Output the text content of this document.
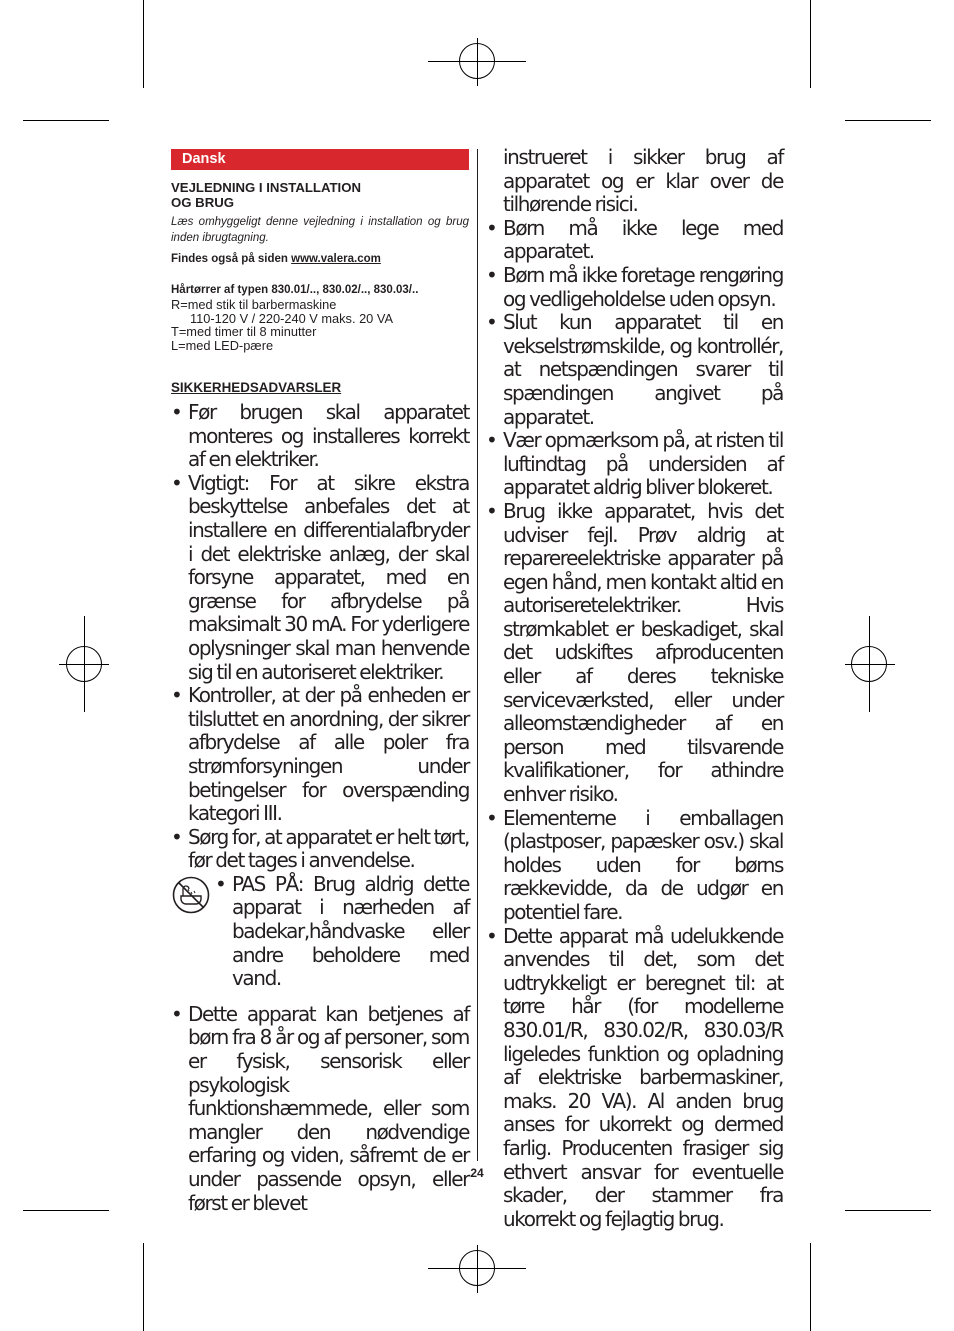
Dansk
VEJLEDNING I INSTALLATION
OG BRUG
Læs omhyggeligt denne vejledning i installation og brug inden ibrugtagning.
Findes også på siden www.valera.com
Hårtørrer af typen 830.01/.., 830.02/.., 830.03/..
R=med stik til barbermaskine
110-120 V / 220-240 V maks. 20 VA
T=med timer til 8 minutter
L=med LED-pære
SIKKERHEDSADVARSLER
• Før brugen skal apparatet monteres og installeres korrekt af en elektriker.
• Vigtigt: For at sikre ekstra beskyttelse anbefales det at installere en differentialafbryder i det elektriske anlæg, der skal forsyne apparatet, med en grænse for afbrydelse på maksimalt 30 mA. For yderligere oplysninger skal man henvende sig til en autoriseret elektriker.
• Kontroller, at der på enheden er tilsluttet en anordning, der sikrer afbrydelse af alle poler fra strømforsyningen under betingelser for overspænding kategori III.
• Sørg for, at apparatet er helt tørt, før det tages i anvendelse.
• PAS PÅ: Brug aldrig dette apparat i nærheden af badekar,håndvaske eller andre beholdere med vand.
• Dette apparat kan betjenes af børn fra 8 år og af personer, som er fysisk, sensorisk eller psykologisk funktionshæmmede, eller som mangler den nødvendige erfaring og viden, såfremt de er under passende opsyn, eller først er blevet
instrueret i sikker brug af apparatet og er klar over de tilhørende risici.
• Børn må ikke lege med apparatet.
• Børn må ikke foretage rengøring og vedligeholdelse uden opsyn.
• Slut kun apparatet til en vekselstrømskilde, og kontrollér, at netspændingen svarer til spændingen angivet på apparatet.
• Vær opmærksom på, at risten til luftindtag på undersiden af apparatet aldrig bliver blokeret.
• Brug ikke apparatet, hvis det udviser fejl. Prøv aldrig at reparereelektriske apparater på egen hånd, men kontakt altid en autoriseretelektriker. Hvis strømkablet er beskadiget, skal det udskiftes afproducenten eller af deres tekniske serviceværksted, eller under alleomstændigheder af en person med tilsvarende kvalifikationer, for athindre enhver risiko.
• Elementerne i emballagen (plastposer, papæsker osv.) skal holdes uden for børns rækkevidde, da de udgør en potentiel fare.
• Dette apparat må udelukkende anvendes til det, som det udtrykkeligt er beregnet til: at tørre hår (for modellerne 830.01/R, 830.02/R, 830.03/R ligeledes funktion og opladning af elektriske barbermaskiner, maks. 20 VA). Al anden brug anses for ukorrekt og dermed farlig. Producenten frasiger sig ethvert ansvar for eventuelle skader, der stammer fra ukorrekt og fejlagtig brug.
24
